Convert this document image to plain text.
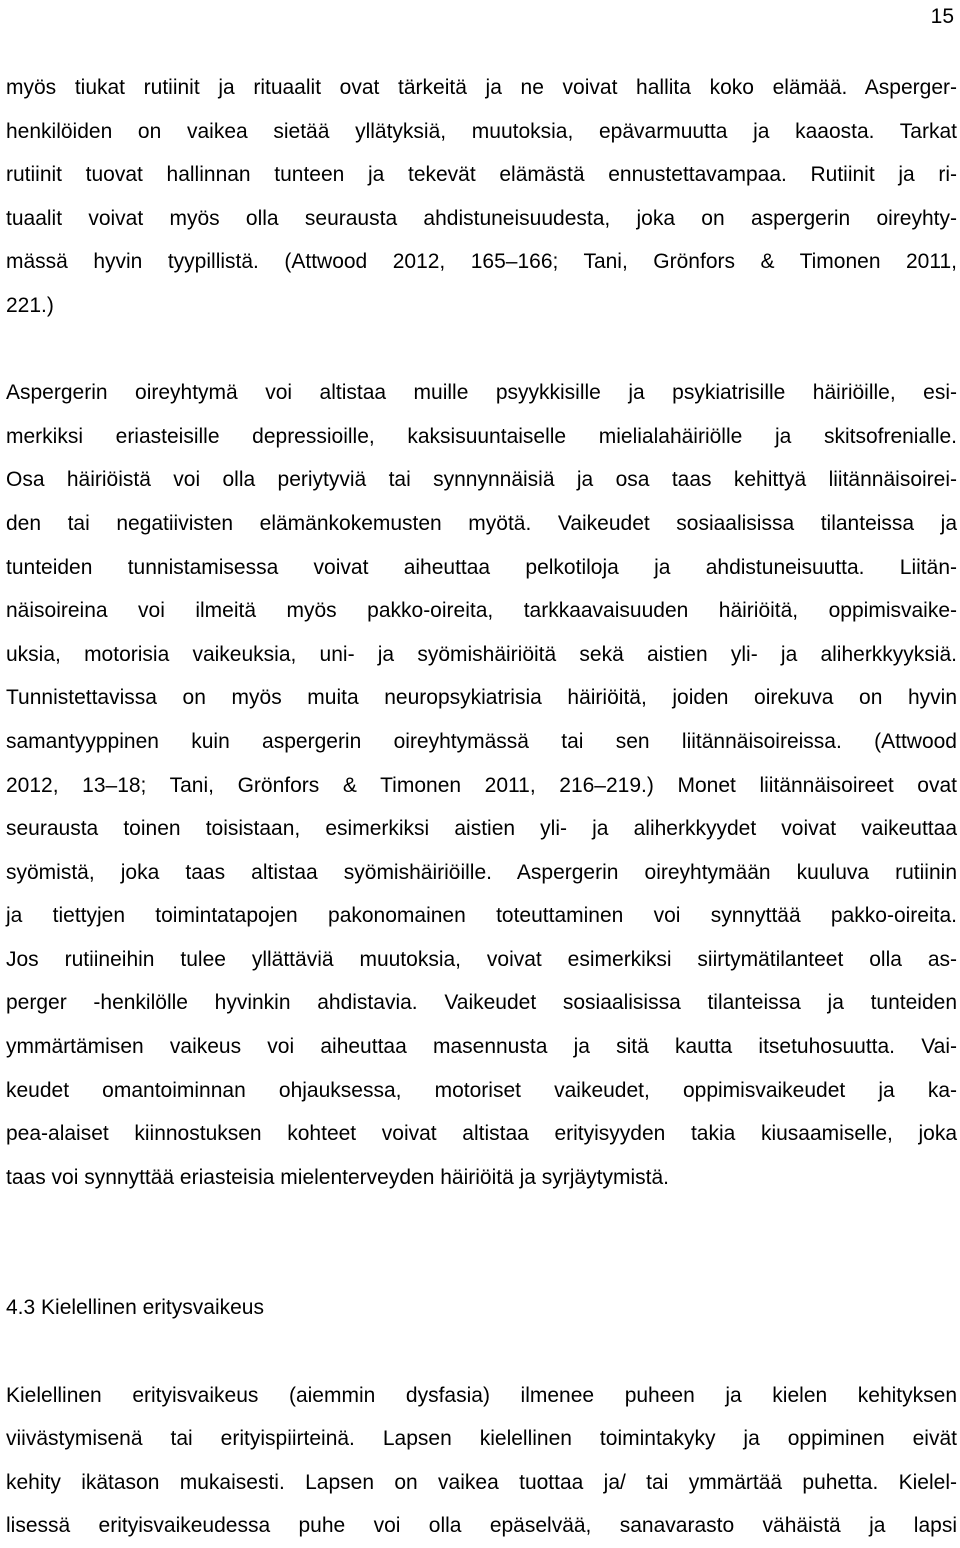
15
myös tiukat rutiinit ja rituaalit ovat tärkeitä ja ne voivat hallita koko elämää. Asperger-
henkilöiden on vaikea sietää yllätyksiä, muutoksia, epävarmuutta ja kaaosta. Tarkat
rutiinit tuovat hallinnan tunteen ja tekevät elämästä ennustettavampaa. Rutiinit ja ri-
tuaalit voivat myös olla seurausta ahdistuneisuudesta, joka on aspergerin oireyhty-
mässä hyvin tyypillistä. (Attwood 2012, 165–166; Tani, Grönfors & Timonen 2011,
221.)
Aspergerin oireyhtymä voi altistaa muille psyykkisille ja psykiatrisille häiriöille, esi-
merkiksi eriasteisille depressioille, kaksisuuntaiselle mielialahäiriölle ja skitsofrenialle.
Osa häiriöistä voi olla periytyviä tai synnynnäisiä ja osa taas kehittyä liitännäisoirei-
den tai negatiivisten elämänkokemusten myötä. Vaikeudet sosiaalisissa tilanteissa ja
tunteiden tunnistamisessa voivat aiheuttaa pelkotiloja ja ahdistuneisuutta. Liitän-
näisoireina voi ilmeitä myös pakko-oireita, tarkkaavaisuuden häiriöitä, oppimisvaike-
uksia, motorisia vaikeuksia, uni- ja syömishäiriöitä sekä aistien yli- ja aliherkkyyksiä.
Tunnistettavissa on myös muita neuropsykiatrisia häiriöitä, joiden oirekuva on hyvin
samantyyppinen kuin aspergerin oireyhtymässä tai sen liitännäisoireissa. (Attwood
2012, 13–18; Tani, Grönfors & Timonen 2011, 216–219.) Monet liitännäisoireet ovat
seurausta toinen toisistaan, esimerkiksi aistien yli- ja aliherkkyydet voivat vaikeuttaa
syömistä, joka taas altistaa syömishäiriöille. Aspergerin oireyhtymään kuuluva rutiinin
ja tiettyjen toimintatapojen pakonomainen toteuttaminen voi synnyttää pakko-oireita.
Jos rutiineihin tulee yllättäviä muutoksia, voivat esimerkiksi siirtymätilanteet olla as-
perger -henkilölle hyvinkin ahdistavia. Vaikeudet sosiaalisissa tilanteissa ja tunteiden
ymmärtämisen vaikeus voi aiheuttaa masennusta ja sitä kautta itsetuhosuutta. Vai-
keudet omantoiminnan ohjauksessa, motoriset vaikeudet, oppimisvaikeudet ja ka-
pea-alaiset kiinnostuksen kohteet voivat altistaa erityisyyden takia kiusaamiselle, joka
taas voi synnyttää eriasteisia mielenterveyden häiriöitä ja syrjäytymistä.
4.3 Kielellinen eritysvaikeus
Kielellinen erityisvaikeus (aiemmin dysfasia) ilmenee puheen ja kielen kehityksen
viivästymisenä tai erityispiirteinä. Lapsen kielellinen toimintakyky ja oppiminen eivät
kehity ikätason mukaisesti. Lapsen on vaikea tuottaa ja/ tai ymmärtää puhetta. Kielel-
lisessä erityisvaikeudessa puhe voi olla epäselvää, sanavarasto vähäistä ja lapsi
